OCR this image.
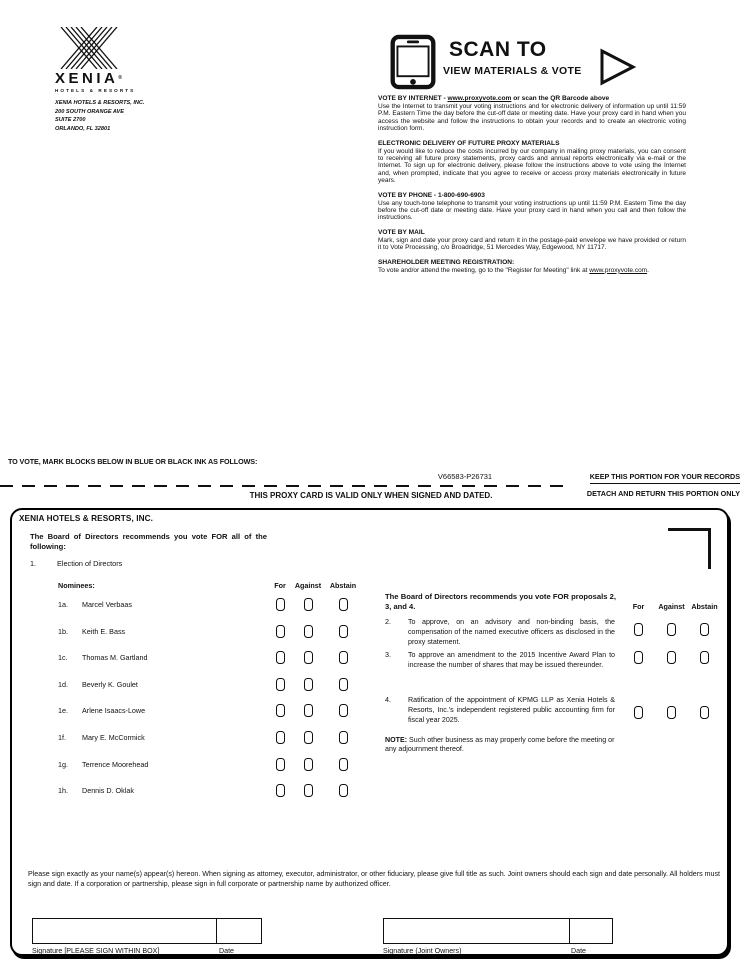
XENIA®
HOTELS & RESORTS
XENIA HOTELS & RESORTS, INC.
200 SOUTH ORANGE AVE
SUITE 2700
ORLANDO, FL 32801
SCAN TO
VIEW MATERIALS & VOTE
VOTE BY INTERNET - www.proxyvote.com or scan the QR Barcode above

Use the Internet to transmit your voting instructions and for electronic delivery of information up until 11:59 P.M. Eastern Time the day before the cut-off date or meeting date. Have your proxy card in hand when you access the website and follow the instructions to obtain your records and to create an electronic voting instruction form.

ELECTRONIC DELIVERY OF FUTURE PROXY MATERIALS

If you would like to reduce the costs incurred by our company in mailing proxy materials, you can consent to receiving all future proxy statements, proxy cards and annual reports electronically via e-mail or the Internet. To sign up for electronic delivery, please follow the instructions above to vote using the Internet and, when prompted, indicate that you agree to receive or access proxy materials electronically in future years.

VOTE BY PHONE - 1-800-690-6903

Use any touch-tone telephone to transmit your voting instructions up until 11:59 P.M. Eastern Time the day before the cut-off date or meeting date. Have your proxy card in hand when you call and then follow the instructions.

VOTE BY MAIL

Mark, sign and date your proxy card and return it in the postage-paid envelope we have provided or return it to Vote Processing, c/o Broadridge, 51 Mercedes Way, Edgewood, NY 11717.

SHAREHOLDER MEETING REGISTRATION:

To vote and/or attend the meeting, go to the "Register for Meeting" link at www.proxyvote.com.

TO VOTE, MARK BLOCKS BELOW IN BLUE OR BLACK INK AS FOLLOWS:
V66583-P26731	KEEP THIS PORTION FOR YOUR RECORDS
THIS PROXY CARD IS VALID ONLY WHEN SIGNED AND DATED.	DETACH AND RETURN THIS PORTION ONLY
XENIA HOTELS & RESORTS, INC.
The Board of Directors recommends you vote FOR all of the following:
1.	Election of Directors
Nominees:	For	Against	Abstain
1a.	Marcel Verbaas
1b.	Keith E. Bass
1c.	Thomas M. Gartland
1d.	Beverly K. Goulet
1e.	Arlene Isaacs-Lowe
1f.	Mary E. McCormick
1g.	Terrence Moorehead
1h.	Dennis D. Oklak
The Board of Directors recommends you vote FOR proposals 2, 3, and 4.	For	Against Abstain
2. To approve, on an advisory and non-binding basis, the compensation of the named executive officers as disclosed in the proxy statement.
3. To approve an amendment to the 2015 Incentive Award Plan to increase the number of shares that may be issued thereunder.
4. Ratification of the appointment of KPMG LLP as Xenia Hotels & Resorts, Inc.'s independent registered public accounting firm for fiscal year 2025.
NOTE: Such other business as may properly come before the meeting or any adjournment thereof.
Please sign exactly as your name(s) appear(s) hereon. When signing as attorney, executor, administrator, or other fiduciary, please give full title as such. Joint owners should each sign and date personally. All holders must sign and date. If a corporation or partnership, please sign in full corporate or partnership name by authorized officer.
Signature [PLEASE SIGN WITHIN BOX]	Date	Signature (Joint Owners)	Date
